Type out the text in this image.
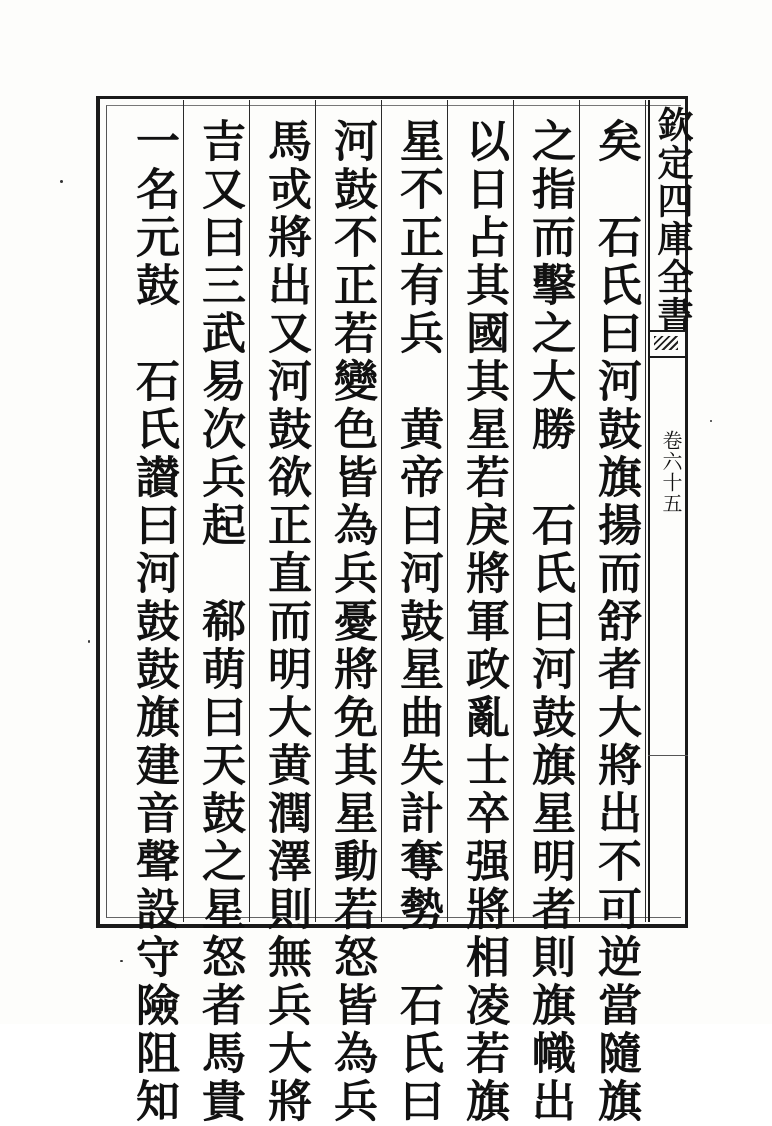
矣　石氏曰河鼓旗揚而舒者大將出不可逆當隨旗
之指而擊之大勝　石氏曰河鼓旗星明者則旗幟出
以日占其國其星若戾將軍政亂士卒强將相凌若旗
星不正有兵　黄帝曰河鼓星曲失計奪勢　石氏曰
河鼓不正若變色皆為兵憂將免其星動若怒皆為兵
馬戓將出又河鼓欲正直而明大黄潤澤則無兵大將
吉又曰三武易次兵起　郗萌曰天鼓之星怒者馬貴
一名元鼓　石氏讃曰河鼓鼓旗建音聲設守險阻知	欽定四庫全書
卷六十五
